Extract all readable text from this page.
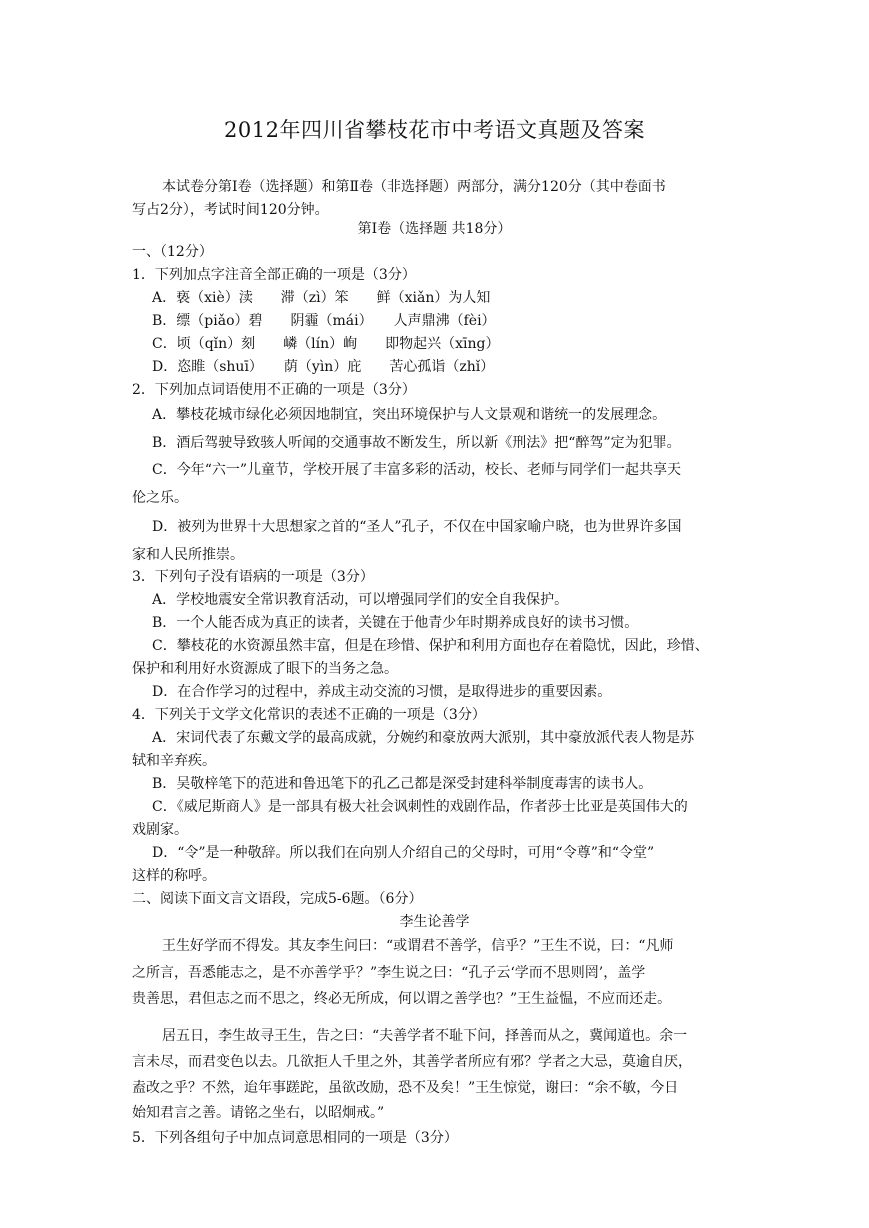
2012年四川省攀枝花市中考语文真题及答案
本试卷分第Ⅰ卷（选择题）和第Ⅱ卷（非选择题）两部分，满分120分（其中卷面书
写占2分），考试时间120分钟。
第Ⅰ卷（选择题 共18分）
一、（12分）
1．下列加点字注音全部正确的一项是（3分）
A．亵（xiè）渎　　滞（zì）笨　　鲜（xiǎn）为人知
B．缥（piǎo）碧　　阴霾（mái）　　人声鼎沸（fèi）
C．顷（qǐn）刻　　嶙（lín）峋　　即物起兴（xīng）
D．恣睢（shuī）　　荫（yìn）庇　　苦心孤诣（zhǐ）
2．下列加点词语使用不正确的一项是（3分）
A．攀枝花城市绿化必须因地制宜，突出环境保护与人文景观和谐统一的发展理念。
B．酒后驾驶导致骇人听闻的交通事故不断发生，所以新《刑法》把“醉驾”定为犯罪。
C．今年“六一”儿童节，学校开展了丰富多彩的活动，校长、老师与同学们一起共享天
伦之乐。
D．被列为世界十大思想家之首的“圣人”孔子，不仅在中国家喻户晓，也为世界许多国
家和人民所推崇。
3．下列句子没有语病的一项是（3分）
A．学校地震安全常识教育活动，可以增强同学们的安全自我保护。
B．一个人能否成为真正的读者，关键在于他青少年时期养成良好的读书习惯。
C．攀枝花的水资源虽然丰富，但是在珍惜、保护和利用方面也存在着隐忧，因此，珍惜、
保护和利用好水资源成了眼下的当务之急。
D．在合作学习的过程中，养成主动交流的习惯，是取得进步的重要因素。
4．下列关于文学文化常识的表述不正确的一项是（3分）
A．宋词代表了东戴文学的最高成就，分婉约和豪放两大派别，其中豪放派代表人物是苏
轼和辛弃疾。
B．吴敬梓笔下的范进和鲁迅笔下的孔乙己都是深受封建科举制度毒害的读书人。
C．《威尼斯商人》是一部具有极大社会讽刺性的戏剧作品，作者莎士比亚是英国伟大的
戏剧家。
D．“令”是一种敬辞。所以我们在向别人介绍自己的父母时，可用“令尊”和“令堂”
这样的称呼。
二、阅读下面文言文语段，完成5-6题。（6分）
李生论善学
王生好学而不得发。其友李生问曰：“或谓君不善学，信乎？”王生不说，曰：“凡师
之所言，吾悉能志之，是不亦善学乎？”李生说之曰：“孔子云‘学而不思则罔’，盖学
贵善思，君但志之而不思之，终必无所成，何以谓之善学也？”王生益愠，不应而还走。
居五日，李生故寻王生，告之曰：“夫善学者不耻下问，择善而从之，冀闻道也。余一
言未尽，而君变色以去。几欲拒人千里之外，其善学者所应有邪？学者之大忌，莫逾自厌，
盍改之乎？不然，迨年事蹉跎，虽欲改励，恐不及矣！”王生惊觉，谢曰：“余不敏，今日
始知君言之善。请铭之坐右，以昭炯戒。”
5．下列各组句子中加点词意思相同的一项是（3分）
